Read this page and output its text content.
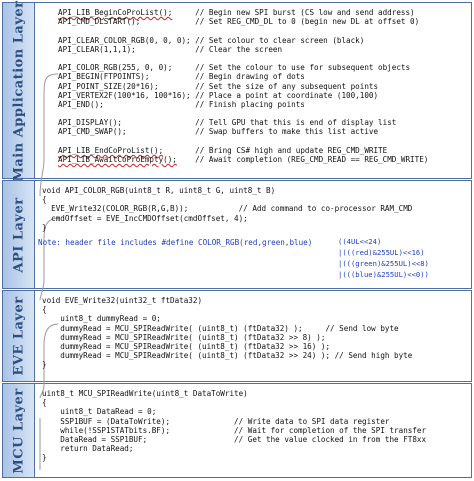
Main Application Layer
API Layer
EVE Layer
MCU Layer
API_LIB_BeginCoProList();	// Begin new SPI burst (CS low and send address)
API_CMD_DLSTART();	// Set REG_CMD_DL to 0 (begin new DL at offset 0)
API_CLEAR_COLOR_RGB(0, 0, 0); // Set colour to clear screen (black)
API_CLEAR(1,1,1);	// Clear the screen
API_COLOR_RGB(255, 0, 0);	// Set the colour to use for subsequent objects
API_BEGIN(FTPOINTS);	// Begin drawing of dots
API_POINT_SIZE(20*16);	// Set the size of any subsequent points
API_VERTEX2F(100*16, 100*16); // Place a point at coordinate (100,100)
API_END();	// Finish placing points
API_DISPLAY();	// Tell GPU that this is end of display list
API_CMD_SWAP();	// Swap buffers to make this list active
API_LIB_EndCoProList();	// Bring CS# high and update REG_CMD_WRITE
API_LIB_AwaitCoProEmpty(); // Await completion (REG_CMD_READ == REG_CMD_WRITE)
void API_COLOR_RGB(uint8_t R, uint8_t G, uint8_t B)
{
EVE_Write32(COLOR_RGB(R,G,B));	// Add command to co-processor RAM_CMD
cmdOffset = EVE_IncCMDOffset(cmdOffset, 4);
}
Note: header file includes #define COLOR_RGB(red,green,blue)	((4UL<<24)
|(((red)&255UL)<<16)
|(((green)&255UL)<<8)
|(((blue)&255UL)<<0))
void EVE_Write32(uint32_t ftData32)
{
uint8_t dummyRead = 0;
dummyRead = MCU_SPIReadWrite( (uint8_t) (ftData32) );	// Send low byte
dummyRead = MCU_SPIReadWrite( (uint8_t) (ftData32 >> 8) );
dummyRead = MCU_SPIReadWrite( (uint8_t) (ftData32 >> 16) );
dummyRead = MCU_SPIReadWrite( (uint8_t) (ftData32 >> 24) ); // Send high byte
}
uint8_t MCU_SPIReadWrite(uint8_t DataToWrite)
{
uint8_t DataRead = 0;
SSP1BUF = (DataToWrite);	// Write data to SPI data register
while(!SSP1STATbits.BF);	// Wait for completion of the SPI transfer
DataRead = SSP1BUF;	// Get the value clocked in from the FT8xx
return DataRead;
}
